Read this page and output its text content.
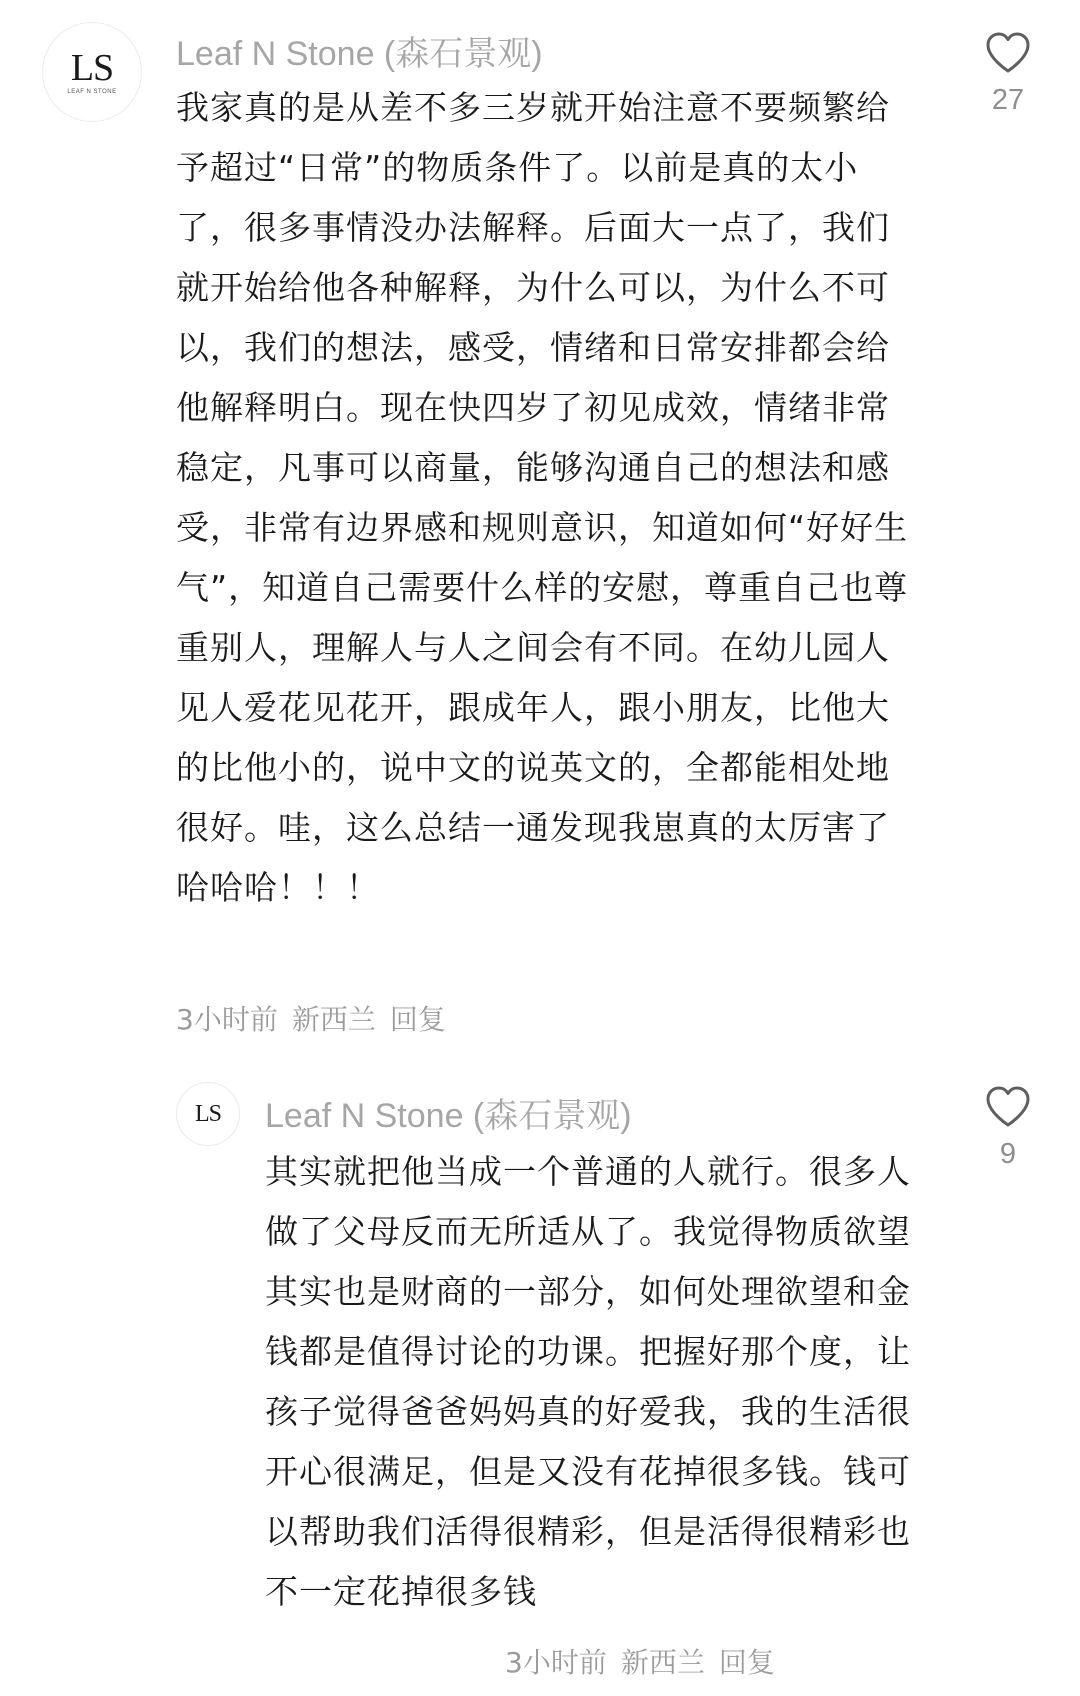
LS
LEAF N STONE
Leaf N Stone (森石景观)
我家真的是从差不多三岁就开始注意不要频繁给予超过“日常”的物质条件了。以前是真的太小了，很多事情没办法解释。后面大一点了，我们就开始给他各种解释，为什么可以，为什么不可以，我们的想法，感受，情绪和日常安排都会给他解释明白。现在快四岁了初见成效，情绪非常稳定，凡事可以商量，能够沟通自己的想法和感受，非常有边界感和规则意识，知道如何“好好生气”，知道自己需要什么样的安慰，尊重自己也尊重别人，理解人与人之间会有不同。在幼儿园人见人爱花见花开，跟成年人，跟小朋友，比他大的比他小的，说中文的说英文的，全都能相处地很好。哇，这么总结一通发现我崽真的太厉害了哈哈哈！！！
3小时前 新西兰 回复
27
LS Leaf N Stone (森石景观)
其实就把他当成一个普通的人就行。很多人做了父母反而无所适从了。我觉得物质欲望其实也是财商的一部分，如何处理欲望和金钱都是值得讨论的功课。把握好那个度，让孩子觉得爸爸妈妈真的好爱我，我的生活很开心很满足，但是又没有花掉很多钱。钱可以帮助我们活得很精彩，但是活得很精彩也不一定花掉很多钱
3小时前 新西兰 回复
9
